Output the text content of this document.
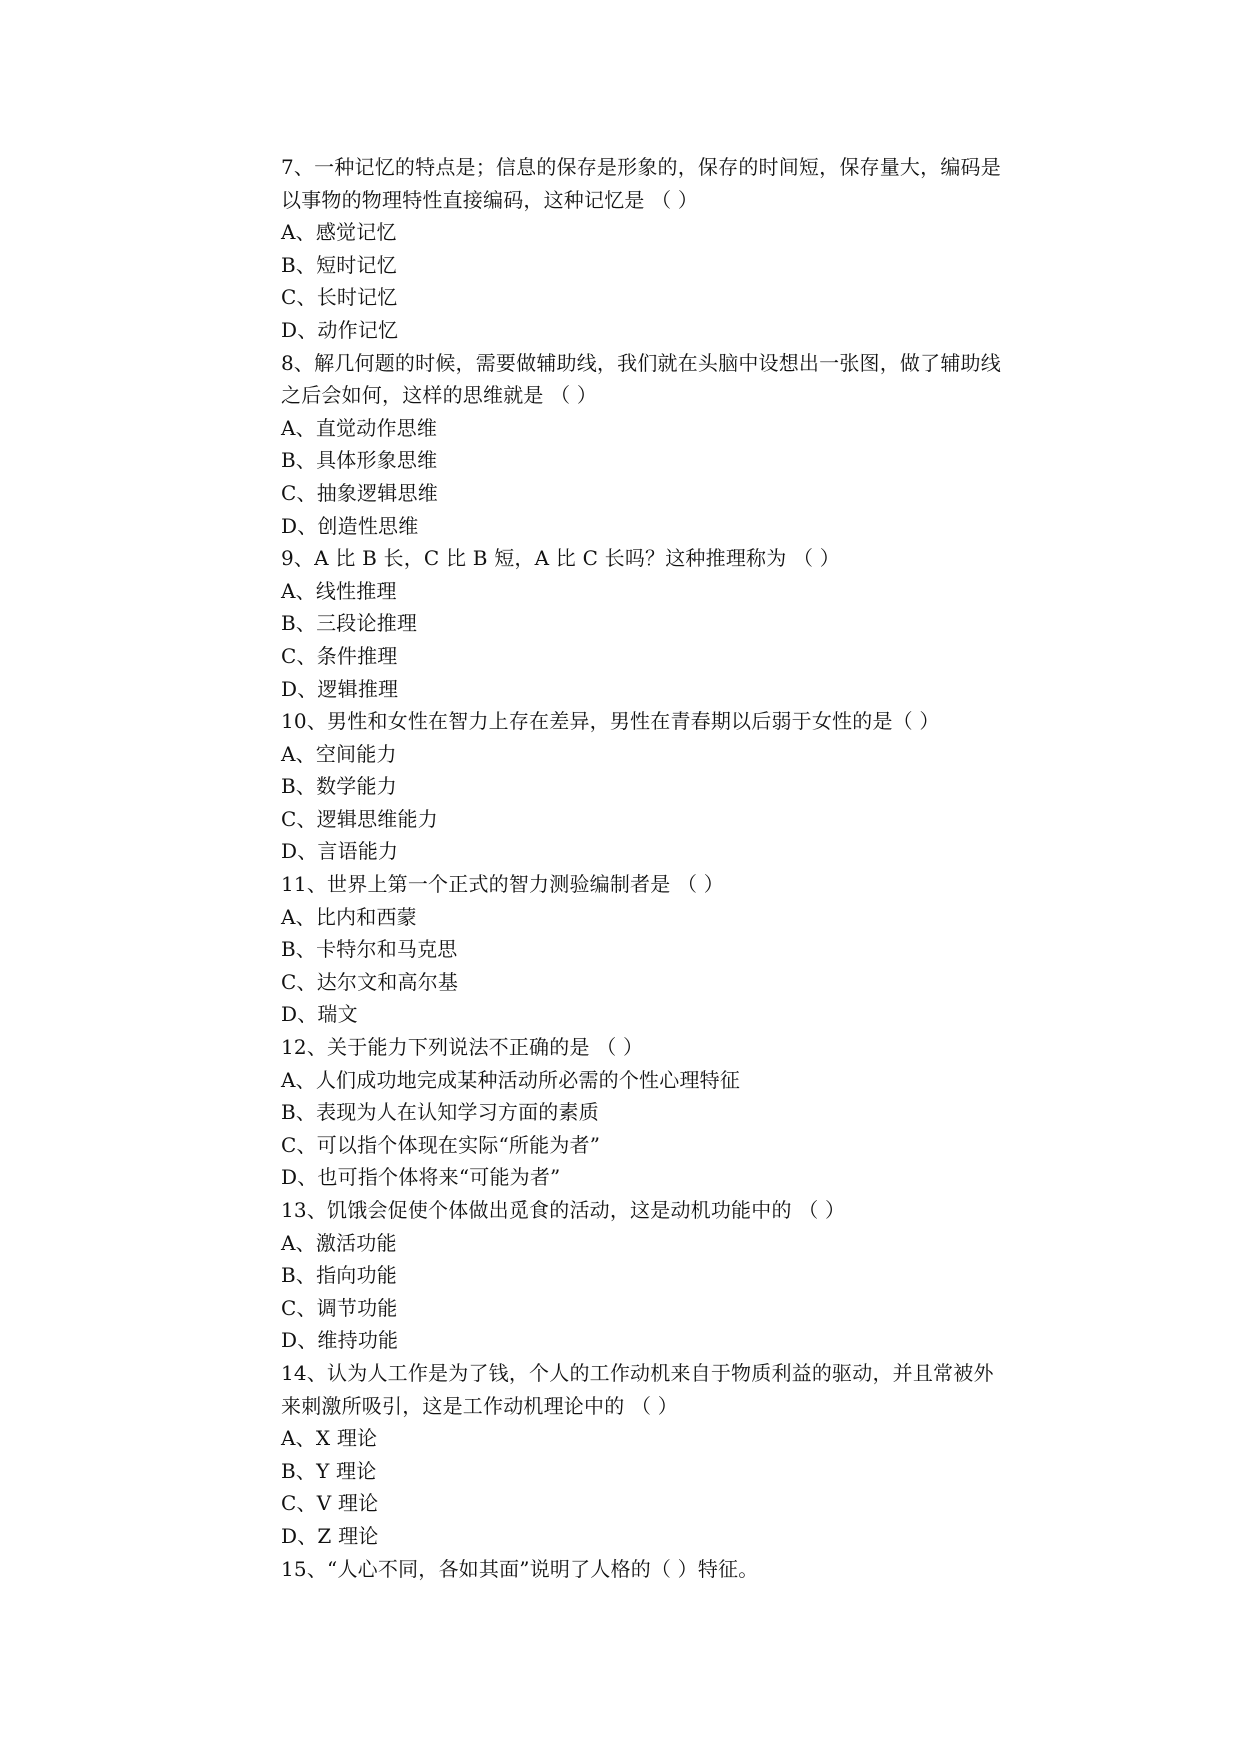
7、一种记忆的特点是；信息的保存是形象的，保存的时间短，保存量大，编码是
以事物的物理特性直接编码，这种记忆是 （ ）
A、感觉记忆
B、短时记忆
C、长时记忆
D、动作记忆
8、解几何题的时候，需要做辅助线，我们就在头脑中设想出一张图，做了辅助线
之后会如何，这样的思维就是 （ ）
A、直觉动作思维
B、具体形象思维
C、抽象逻辑思维
D、创造性思维
9、A 比 B 长，C 比 B 短，A 比 C 长吗？这种推理称为 （ ）
A、线性推理
B、三段论推理
C、条件推理
D、逻辑推理
10、男性和女性在智力上存在差异，男性在青春期以后弱于女性的是（ ）
A、空间能力
B、数学能力
C、逻辑思维能力
D、言语能力
11、世界上第一个正式的智力测验编制者是 （ ）
A、比内和西蒙
B、卡特尔和马克思
C、达尔文和高尔基
D、瑞文
12、关于能力下列说法不正确的是 （ ）
A、人们成功地完成某种活动所必需的个性心理特征
B、表现为人在认知学习方面的素质
C、可以指个体现在实际“所能为者”
D、也可指个体将来“可能为者”
13、饥饿会促使个体做出觅食的活动，这是动机功能中的 （ ）
A、激活功能
B、指向功能
C、调节功能
D、维持功能
14、认为人工作是为了钱，个人的工作动机来自于物质利益的驱动，并且常被外
来刺激所吸引，这是工作动机理论中的 （ ）
A、X 理论
B、Y 理论
C、V 理论
D、Z 理论
15、“人心不同，各如其面”说明了人格的（ ）特征。
